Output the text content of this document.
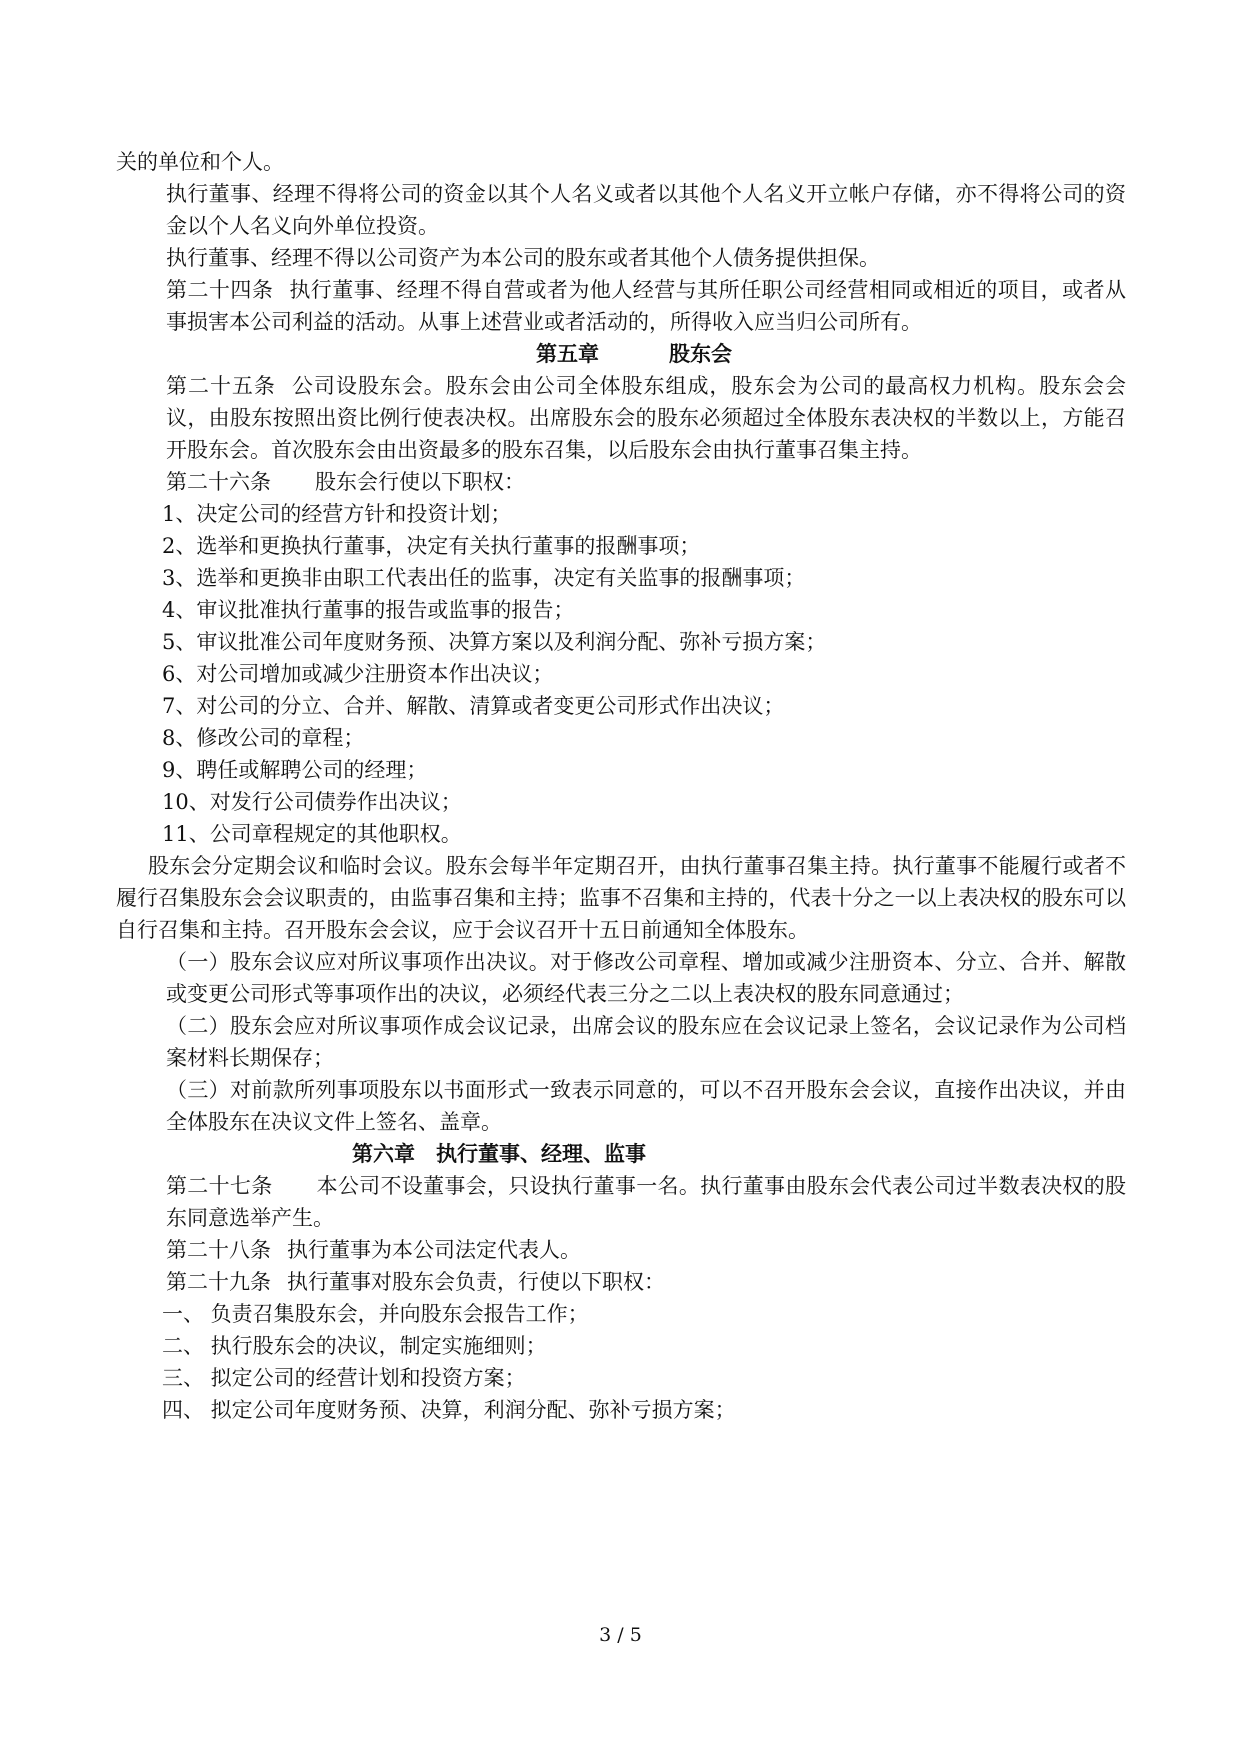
关的单位和个人。

执行董事、经理不得将公司的资金以其个人名义或者以其他个人名义开立帐户存储，亦不得将公司的资金以个人名义向外单位投资。

执行董事、经理不得以公司资产为本公司的股东或者其他个人债务提供担保。

第二十四条 执行董事、经理不得自营或者为他人经营与其所任职公司经营相同或相近的项目，或者从事损害本公司利益的活动。从事上述营业或者活动的，所得收入应当归公司所有。

第五章	股东会

第二十五条 公司设股东会。股东会由公司全体股东组成，股东会为公司的最高权力机构。股东会会议，由股东按照出资比例行使表决权。出席股东会的股东必须超过全体股东表决权的半数以上，方能召开股东会。首次股东会由出资最多的股东召集，以后股东会由执行董事召集主持。

第二十六条 股东会行使以下职权：

1、决定公司的经营方针和投资计划；

2、选举和更换执行董事，决定有关执行董事的报酬事项；

3、选举和更换非由职工代表出任的监事，决定有关监事的报酬事项；

4、审议批准执行董事的报告或监事的报告；

5、审议批准公司年度财务预、决算方案以及利润分配、弥补亏损方案；

6、对公司增加或减少注册资本作出决议；

7、对公司的分立、合并、解散、清算或者变更公司形式作出决议；

8、修改公司的章程；

9、聘任或解聘公司的经理；

10、对发行公司债券作出决议；

11、公司章程规定的其他职权。

股东会分定期会议和临时会议。股东会每半年定期召开，由执行董事召集主持。执行董事不能履行或者不履行召集股东会会议职责的，由监事召集和主持；监事不召集和主持的，代表十分之一以上表决权的股东可以自行召集和主持。召开股东会会议，应于会议召开十五日前通知全体股东。

（一）股东会议应对所议事项作出决议。对于修改公司章程、增加或减少注册资本、分立、合并、解散或变更公司形式等事项作出的决议，必须经代表三分之二以上表决权的股东同意通过；

（二）股东会应对所议事项作成会议记录，出席会议的股东应在会议记录上签名，会议记录作为公司档案材料长期保存；

（三）对前款所列事项股东以书面形式一致表示同意的，可以不召开股东会会议，直接作出决议，并由全体股东在决议文件上签名、盖章。

第六章　执行董事、经理、监事

第二十七条 本公司不设董事会，只设执行董事一名。执行董事由股东会代表公司过半数表决权的股东同意选举产生。

第二十八条 执行董事为本公司法定代表人。

第二十九条 执行董事对股东会负责，行使以下职权：

一、 负责召集股东会，并向股东会报告工作；

二、 执行股东会的决议，制定实施细则；

三、 拟定公司的经营计划和投资方案；

四、 拟定公司年度财务预、决算，利润分配、弥补亏损方案；

3 / 5
